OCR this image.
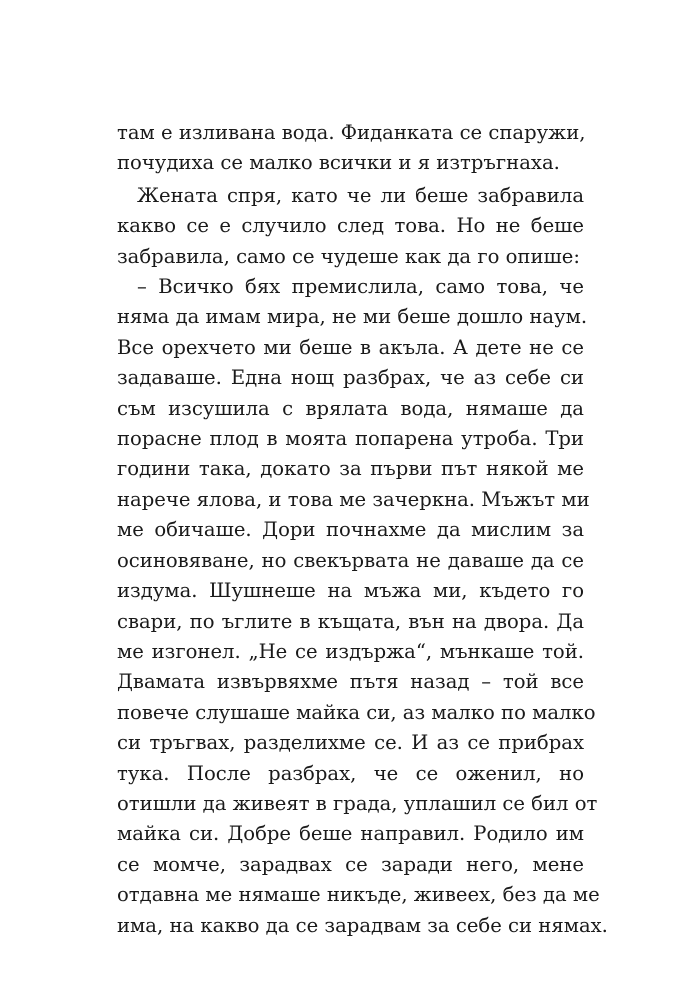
там е изливана вода. Фиданката се спаружи,
почудиха се малко всички и я изтръгнаха.
Жената спря, като че ли беше забравила
какво се е случило след това. Но не беше
забравила, само се чудеше как да го опише:
– Всичко бях премислила, само това, че
няма да имам мира, не ми беше дошло наум.
Все орехчето ми беше в акъла. А дете не се
задаваше. Една нощ разбрах, че аз себе си
съм изсушила с врялата вода, нямаше да
порасне плод в моята попарена утроба. Три
години така, докато за първи път някой ме
нарече ялова, и това ме зачеркна. Мъжът ми
ме обичаше. Дори почнахме да мислим за
осиновяване, но свекървата не даваше да се
издума. Шушнеше на мъжа ми, където го
свари, по ъглите в къщата, вън на двора. Да
ме изгонел. „Не се издържа“, мънкаше той.
Двамата извървяхме пътя назад – той все
повече слушаше майка си, аз малко по малко
си тръгвах, разделихме се. И аз се прибрах
тука. После разбрах, че се оженил, но
отишли да живеят в града, уплашил се бил от
майка си. Добре беше направил. Родило им
се момче, зарадвах се заради него, мене
отдавна ме нямаше никъде, живеех, без да ме
има, на какво да се зарадвам за себе си нямах.
